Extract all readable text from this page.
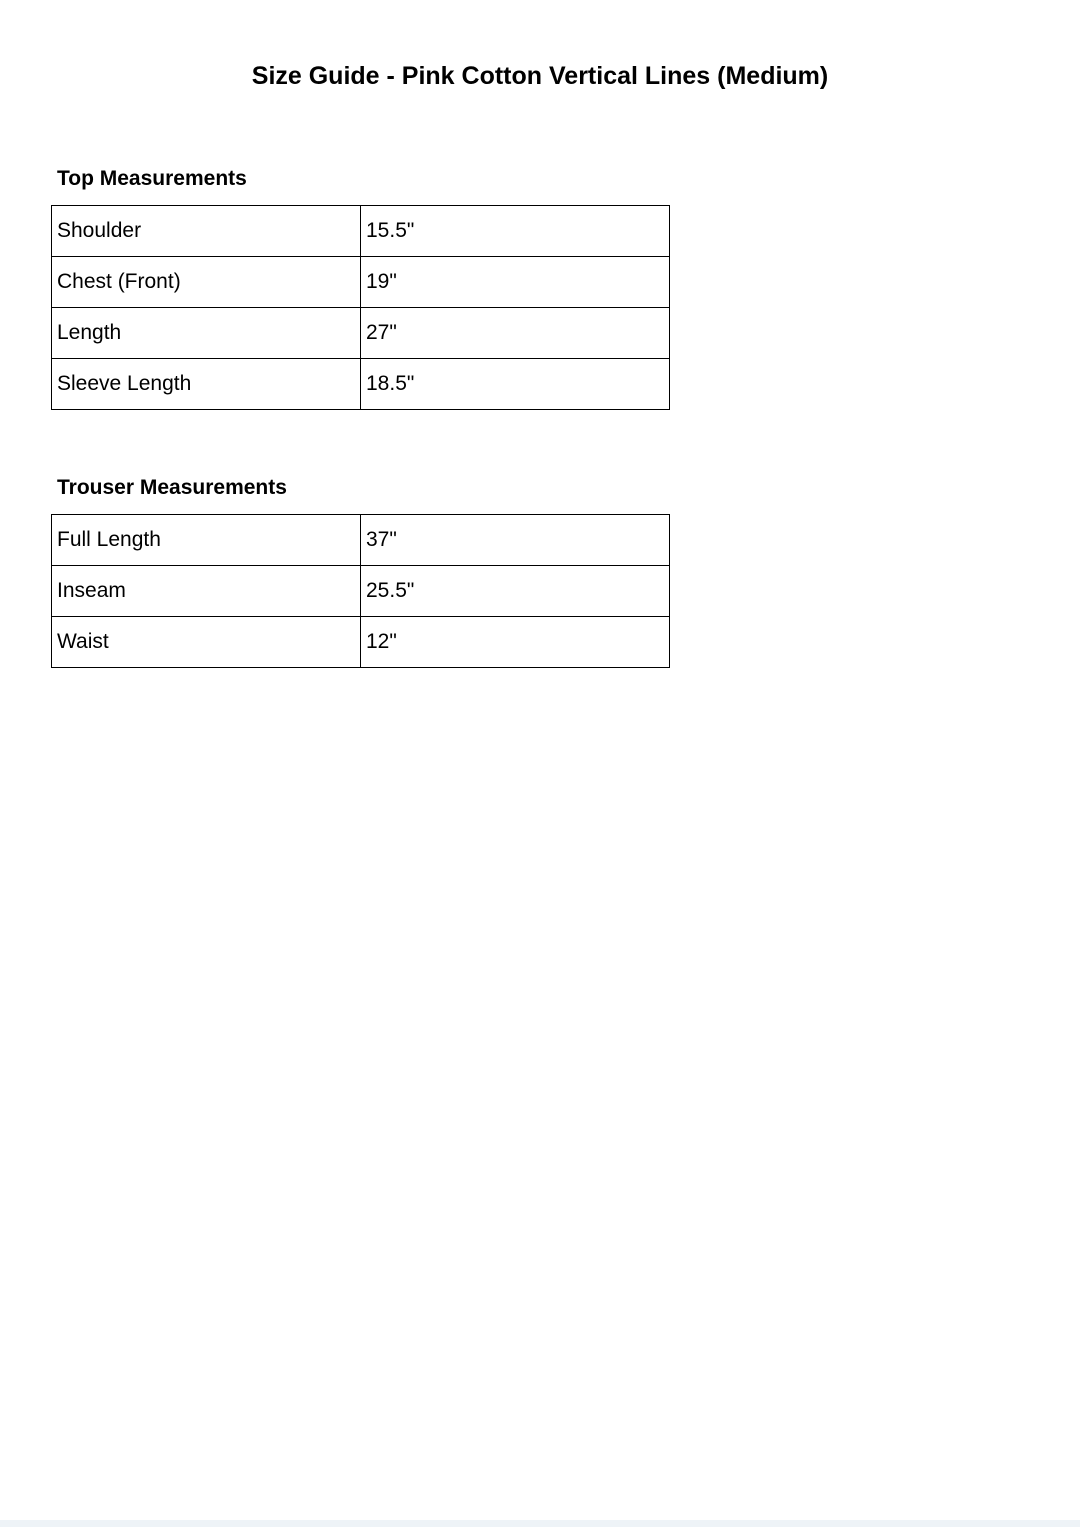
Size Guide - Pink Cotton Vertical Lines (Medium)
Top Measurements
Shoulder	15.5"
Chest (Front)	19"
Length	27"
Sleeve Length	18.5"
Trouser Measurements
Full Length	37"
Inseam	25.5"
Waist	12"
